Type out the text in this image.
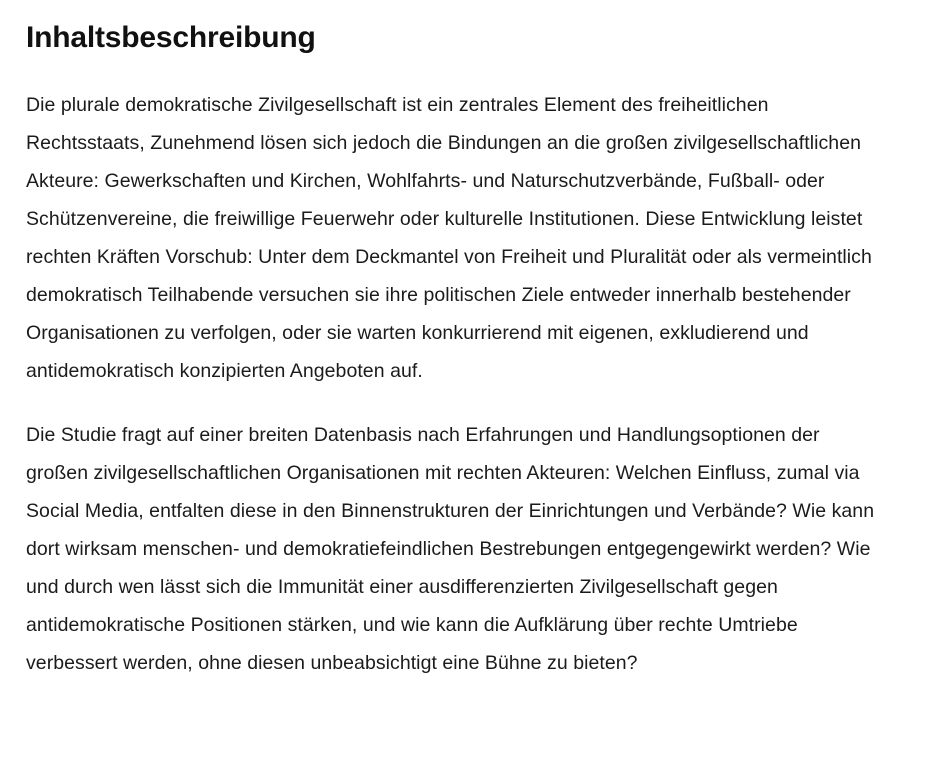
Inhaltsbeschreibung

Die plurale demokratische Zivilgesellschaft ist ein zentrales Element des freiheitlichen Rechtsstaats, Zunehmend lösen sich jedoch die Bindungen an die großen zivilgesellschaftlichen Akteure: Gewerkschaften und Kirchen, Wohlfahrts- und Naturschutzverbände, Fußball- oder Schützenvereine, die freiwillige Feuerwehr oder kulturelle Institutionen. Diese Entwicklung leistet rechten Kräften Vorschub: Unter dem Deckmantel von Freiheit und Pluralität oder als vermeintlich demokratisch Teilhabende versuchen sie ihre politischen Ziele entweder innerhalb bestehender Organisationen zu verfolgen, oder sie warten konkurrierend mit eigenen, exkludierend und antidemokratisch konzipierten Angeboten auf.

Die Studie fragt auf einer breiten Datenbasis nach Erfahrungen und Handlungsoptionen der großen zivilgesellschaftlichen Organisationen mit rechten Akteuren: Welchen Einfluss, zumal via Social Media, entfalten diese in den Binnenstrukturen der Einrichtungen und Verbände? Wie kann dort wirksam menschen- und demokratiefeindlichen Bestrebungen entgegengewirkt werden? Wie und durch wen lässt sich die Immunität einer ausdifferenzierten Zivilgesellschaft gegen antidemokratische Positionen stärken, und wie kann die Aufklärung über rechte Umtriebe verbessert werden, ohne diesen unbeabsichtigt eine Bühne zu bieten?
